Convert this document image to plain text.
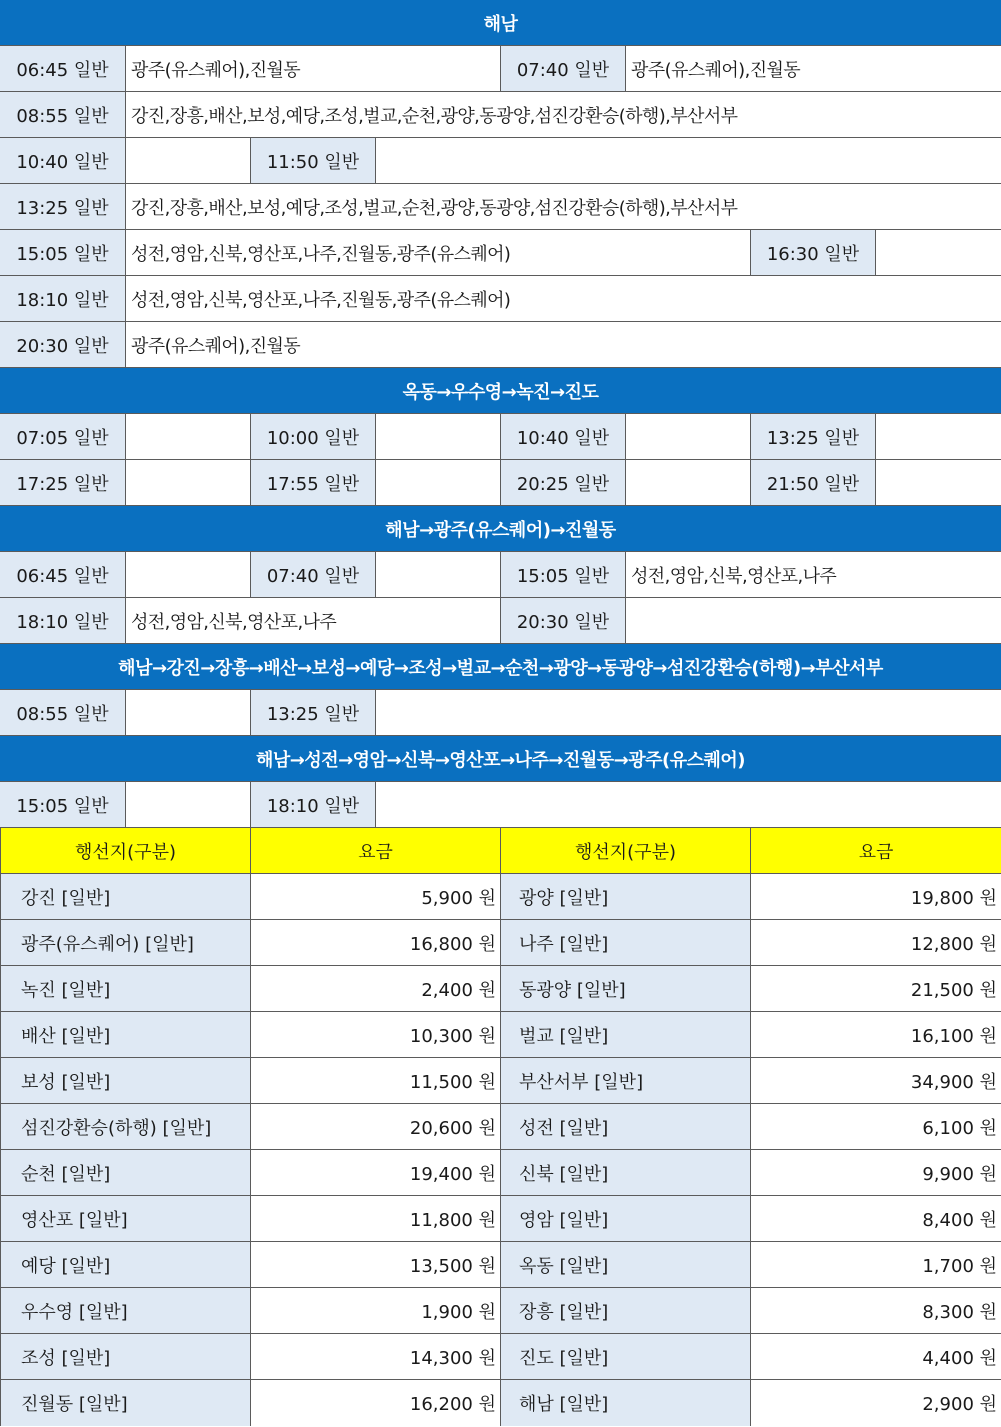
해남
06:45 일반	광주(유스퀘어),진월동	07:40 일반	광주(유스퀘어),진월동
08:55 일반	강진,장흥,배산,보성,예당,조성,벌교,순천,광양,동광양,섬진강환승(하행),부산서부
10:40 일반	11:50 일반
13:25 일반	강진,장흥,배산,보성,예당,조성,벌교,순천,광양,동광양,섬진강환승(하행),부산서부
15:05 일반	성전,영암,신북,영산포,나주,진월동,광주(유스퀘어)	16:30 일반
18:10 일반	성전,영암,신북,영산포,나주,진월동,광주(유스퀘어)
20:30 일반	광주(유스퀘어),진월동
옥동→우수영→녹진→진도
07:05 일반	10:00 일반	10:40 일반	13:25 일반
17:25 일반	17:55 일반	20:25 일반	21:50 일반
해남→광주(유스퀘어)→진월동
06:45 일반	07:40 일반	15:05 일반	성전,영암,신북,영산포,나주
18:10 일반	성전,영암,신북,영산포,나주	20:30 일반
해남→강진→장흥→배산→보성→예당→조성→벌교→순천→광양→동광양→섬진강환승(하행)→부산서부
08:55 일반	13:25 일반
해남→성전→영암→신북→영산포→나주→진월동→광주(유스퀘어)
15:05 일반	18:10 일반
행선지(구분)	요금	행선지(구분)	요금
강진 [일반]	5,900 원	광양 [일반]	19,800 원
광주(유스퀘어) [일반]	16,800 원	나주 [일반]	12,800 원
녹진 [일반]	2,400 원	동광양 [일반]	21,500 원
배산 [일반]	10,300 원	벌교 [일반]	16,100 원
보성 [일반]	11,500 원	부산서부 [일반]	34,900 원
섬진강환승(하행) [일반]	20,600 원	성전 [일반]	6,100 원
순천 [일반]	19,400 원	신북 [일반]	9,900 원
영산포 [일반]	11,800 원	영암 [일반]	8,400 원
예당 [일반]	13,500 원	옥동 [일반]	1,700 원
우수영 [일반]	1,900 원	장흥 [일반]	8,300 원
조성 [일반]	14,300 원	진도 [일반]	4,400 원
진월동 [일반]	16,200 원	해남 [일반]	2,900 원
